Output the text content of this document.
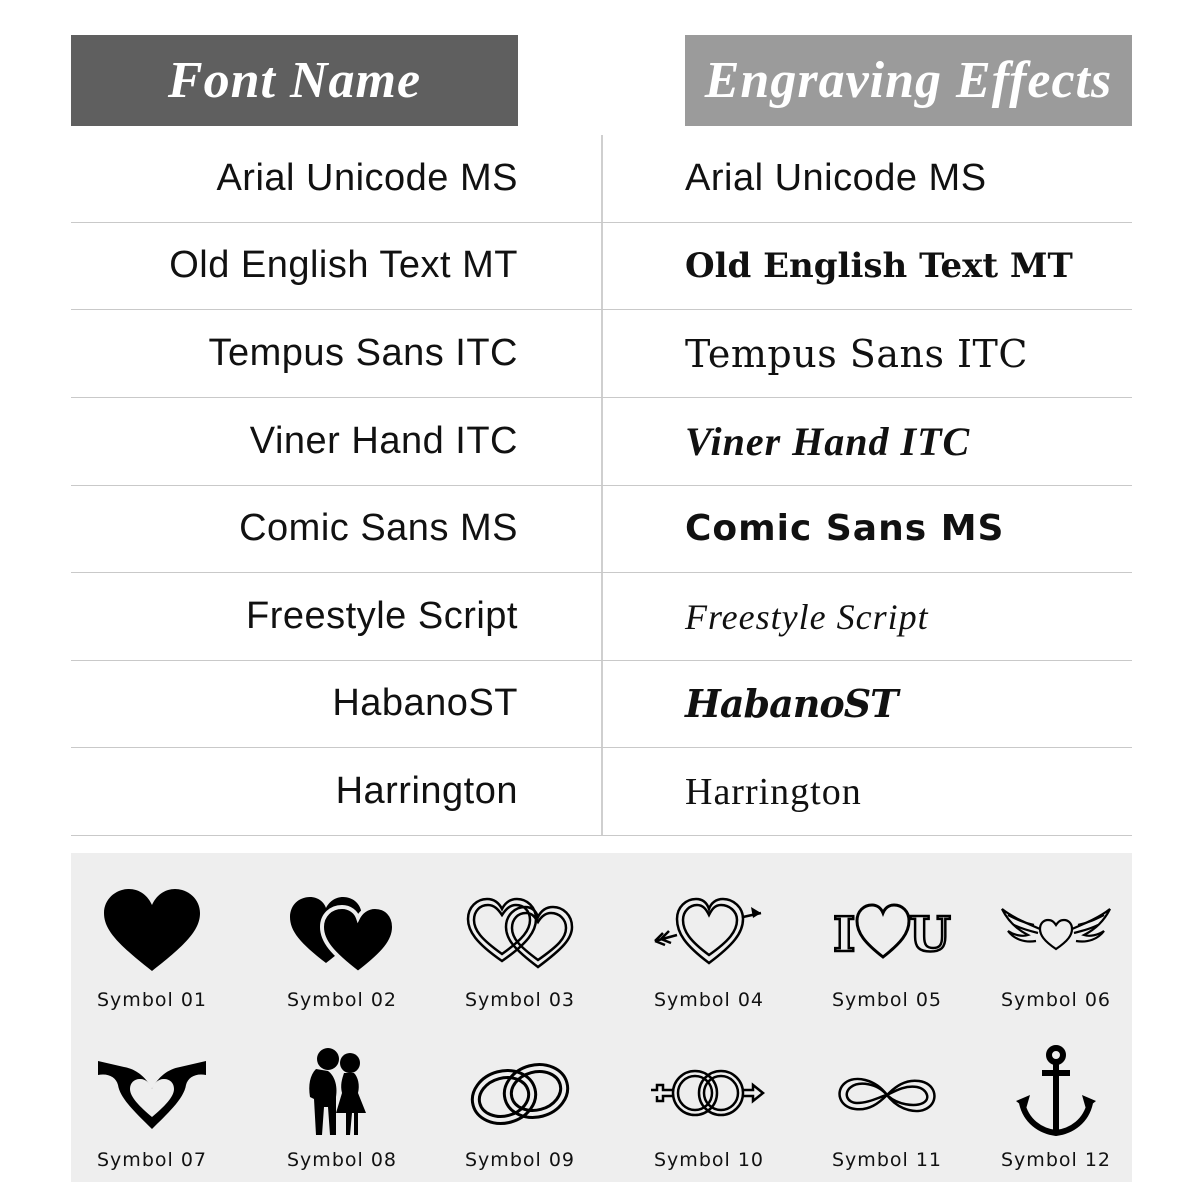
Font Name	Engraving Effects
Arial Unicode MS	Arial Unicode MS
Old English Text MT	Old English Text MT
Tempus Sans ITC	Tempus Sans ITC
Viner Hand ITC	Viner Hand ITC
Comic Sans MS	Comic Sans MS
Freestyle Script	Freestyle Script
HabanoST	HabanoST
Harrington	Harrington
Symbol 01	Symbol 02	Symbol 03	Symbol 04
I U
Symbol 05	Symbol 06
Symbol 07	Symbol 08	Symbol 09	Symbol 10	Symbol 11	Symbol 12
